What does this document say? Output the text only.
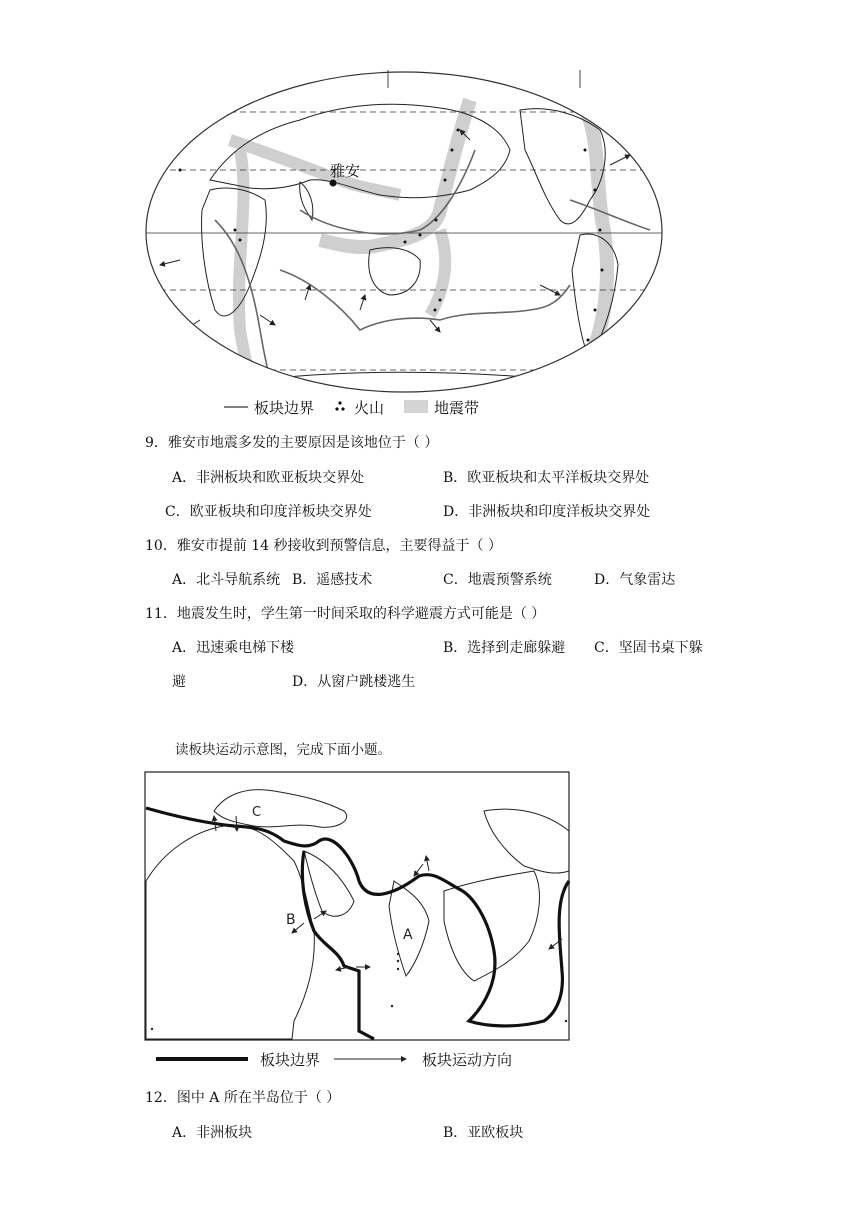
雅安
板块边界	火山	地震带
9．雅安市地震多发的主要原因是该地位于（ ）
A．非洲板块和欧亚板块交界处	B．欧亚板块和太平洋板块交界处
C．欧亚板块和印度洋板块交界处	D．非洲板块和印度洋板块交界处
10．雅安市提前 14 秒接收到预警信息，主要得益于（ ）
A．北斗导航系统 B．遥感技术	C．地震预警系统	D．气象雷达
11．地震发生时，学生第一时间采取的科学避震方式可能是（ ）
A．迅速乘电梯下楼	B．选择到走廊躲避 C．坚固书桌下躲
避	D．从窗户跳楼逃生
读板块运动示意图，完成下面小题。
A
B
C
板块边界	板块运动方向
12．图中 A 所在半岛位于（ ）
A．非洲板块	B．亚欧板块
